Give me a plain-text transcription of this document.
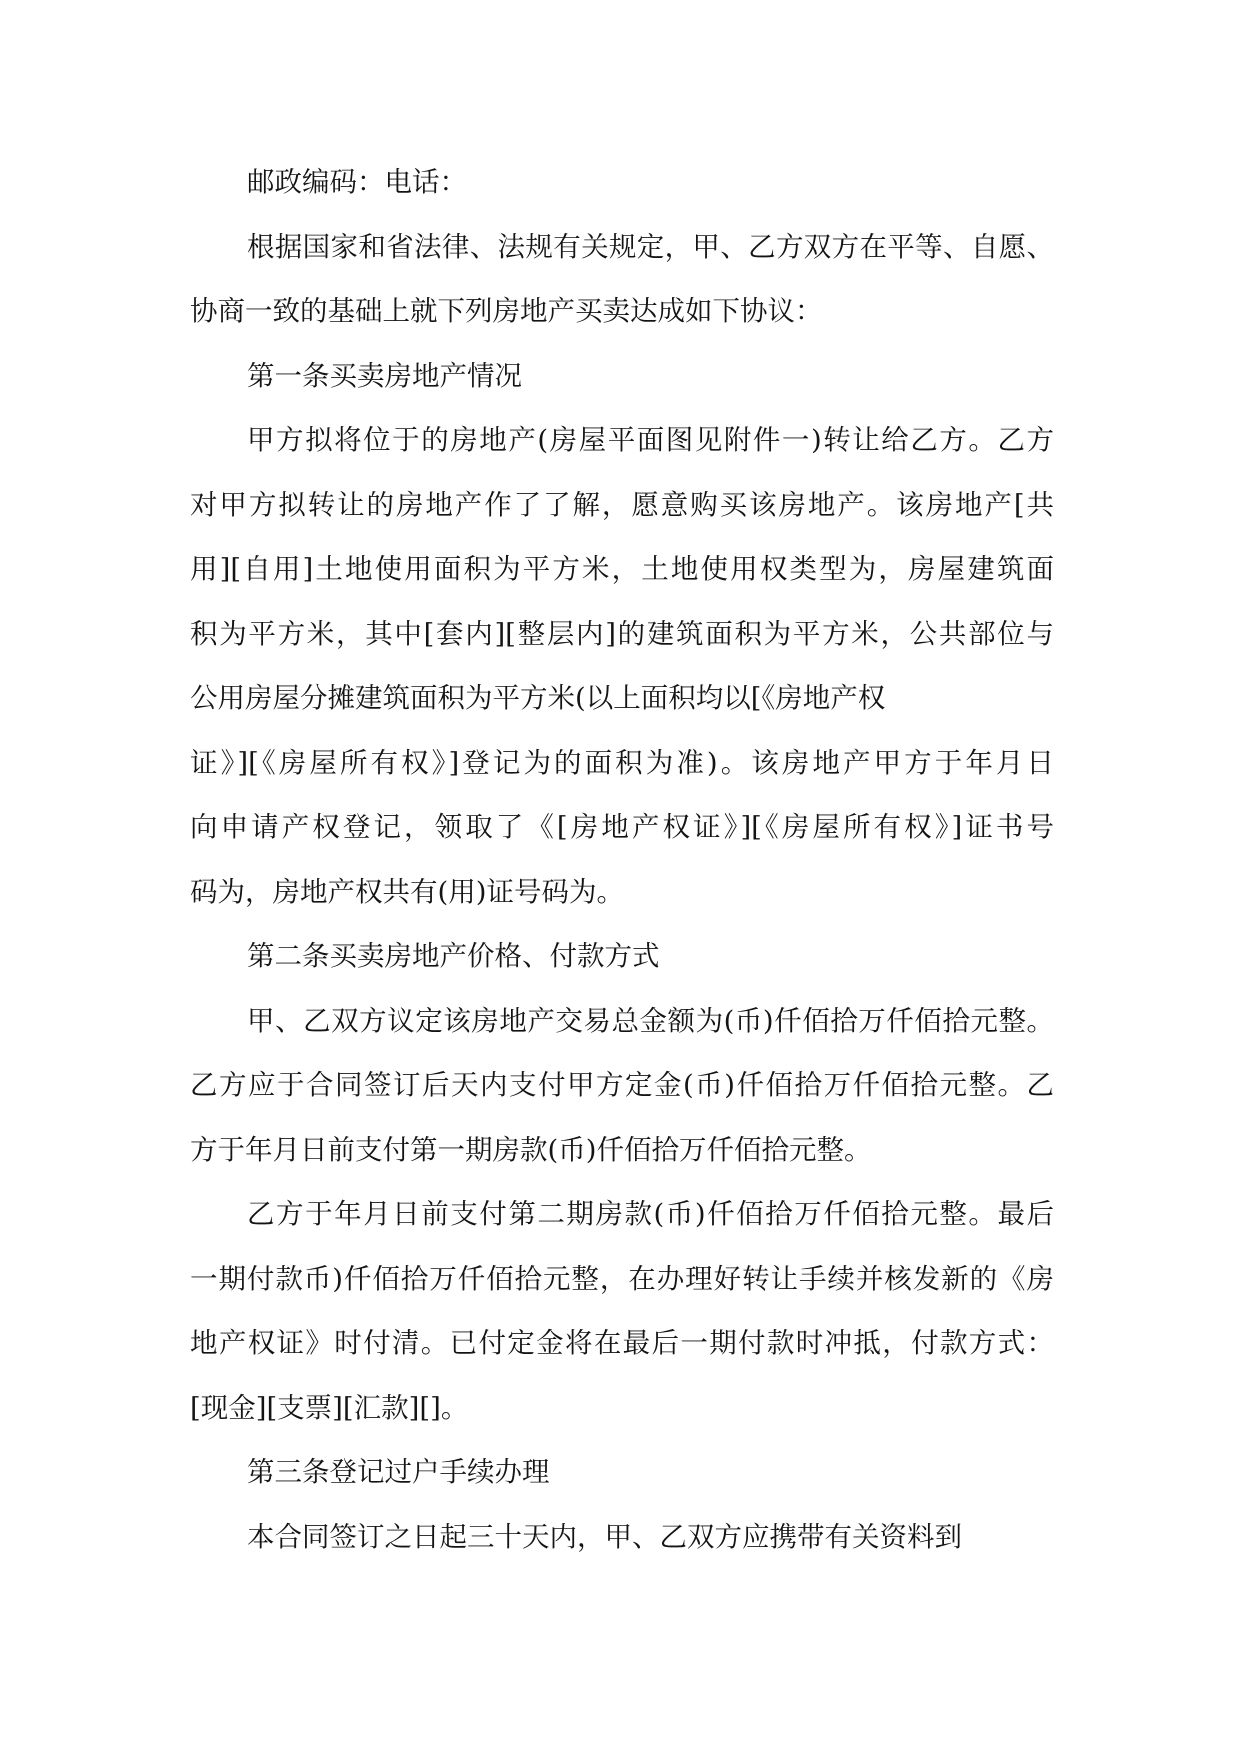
邮政编码：电话：
根据国家和省法律、法规有关规定，甲、乙方双方在平等、自愿、
协商一致的基础上就下列房地产买卖达成如下协议：
第一条买卖房地产情况
甲方拟将位于的房地产(房屋平面图见附件一)转让给乙方。乙方
对甲方拟转让的房地产作了了解，愿意购买该房地产。该房地产[共
用][自用]土地使用面积为平方米，土地使用权类型为，房屋建筑面
积为平方米，其中[套内][整层内]的建筑面积为平方米，公共部位与
公用房屋分摊建筑面积为平方米(以上面积均以[《房地产权
证》][《房屋所有权》]登记为的面积为准)。该房地产甲方于年月日
向申请产权登记，领取了《[房地产权证》][《房屋所有权》]证书号
码为，房地产权共有(用)证号码为。
第二条买卖房地产价格、付款方式
甲、乙双方议定该房地产交易总金额为(币)仟佰拾万仟佰拾元整。
乙方应于合同签订后天内支付甲方定金(币)仟佰拾万仟佰拾元整。乙
方于年月日前支付第一期房款(币)仟佰拾万仟佰拾元整。
乙方于年月日前支付第二期房款(币)仟佰拾万仟佰拾元整。最后
一期付款币)仟佰拾万仟佰拾元整，在办理好转让手续并核发新的《房
地产权证》时付清。已付定金将在最后一期付款时冲抵，付款方式：
[现金][支票][汇款][]。
第三条登记过户手续办理
本合同签订之日起三十天内，甲、乙双方应携带有关资料到
